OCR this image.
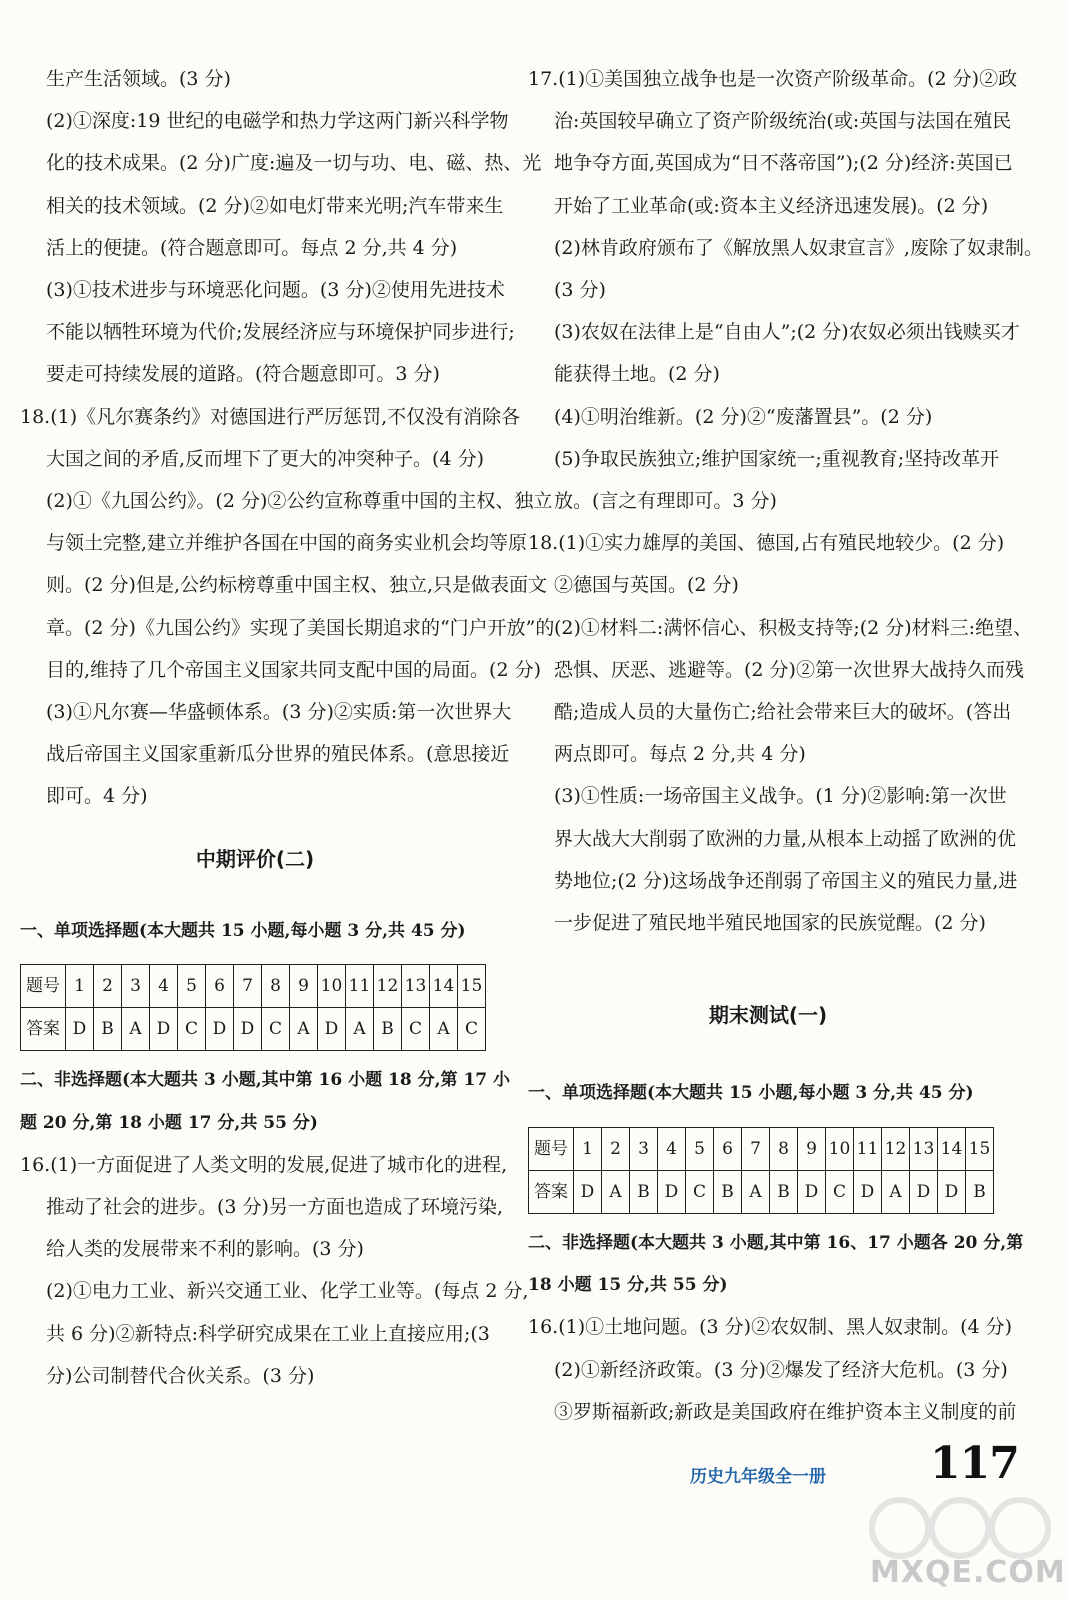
生产生活领域。(3 分)
(2)①深度:19 世纪的电磁学和热力学这两门新兴科学物
化的技术成果。(2 分)广度:遍及一切与功、电、磁、热、光
相关的技术领域。(2 分)②如电灯带来光明;汽车带来生
活上的便捷。(符合题意即可。每点 2 分,共 4 分)
(3)①技术进步与环境恶化问题。(3 分)②使用先进技术
不能以牺牲环境为代价;发展经济应与环境保护同步进行;
要走可持续发展的道路。(符合题意即可。3 分)
18.(1)《凡尔赛条约》对德国进行严厉惩罚,不仅没有消除各
大国之间的矛盾,反而埋下了更大的冲突种子。(4 分)
(2)①《九国公约》。(2 分)②公约宣称尊重中国的主权、独立
与领土完整,建立并维护各国在中国的商务实业机会均等原
则。(2 分)但是,公约标榜尊重中国主权、独立,只是做表面文
章。(2 分)《九国公约》实现了美国长期追求的“门户开放”的
目的,维持了几个帝国主义国家共同支配中国的局面。(2 分)
(3)①凡尔赛—华盛顿体系。(3 分)②实质:第一次世界大
战后帝国主义国家重新瓜分世界的殖民体系。(意思接近
即可。4 分)
中期评价(二)
一、单项选择题(本大题共 15 小题,每小题 3 分,共 45 分)
题号	1	2	3	4	5	6	7	8	9	10	11	12	13	14	15
答案	D	B	A	D	C	D	D	C	A	D	A	B	C	A	C
二、非选择题(本大题共 3 小题,其中第 16 小题 18 分,第 17 小
题 20 分,第 18 小题 17 分,共 55 分)
16.(1)一方面促进了人类文明的发展,促进了城市化的进程,
推动了社会的进步。(3 分)另一方面也造成了环境污染,
给人类的发展带来不利的影响。(3 分)
(2)①电力工业、新兴交通工业、化学工业等。(每点 2 分,
共 6 分)②新特点:科学研究成果在工业上直接应用;(3
分)公司制替代合伙关系。(3 分)
17.(1)①美国独立战争也是一次资产阶级革命。(2 分)②政
治:英国较早确立了资产阶级统治(或:英国与法国在殖民
地争夺方面,英国成为“日不落帝国”);(2 分)经济:英国已
开始了工业革命(或:资本主义经济迅速发展)。(2 分)
(2)林肯政府颁布了《解放黑人奴隶宣言》,废除了奴隶制。
(3 分)
(3)农奴在法律上是“自由人”;(2 分)农奴必须出钱赎买才
能获得土地。(2 分)
(4)①明治维新。(2 分)②“废藩置县”。(2 分)
(5)争取民族独立;维护国家统一;重视教育;坚持改革开
放。(言之有理即可。3 分)
18.(1)①实力雄厚的美国、德国,占有殖民地较少。(2 分)
②德国与英国。(2 分)
(2)①材料二:满怀信心、积极支持等;(2 分)材料三:绝望、
恐惧、厌恶、逃避等。(2 分)②第一次世界大战持久而残
酷;造成人员的大量伤亡;给社会带来巨大的破坏。(答出
两点即可。每点 2 分,共 4 分)
(3)①性质:一场帝国主义战争。(1 分)②影响:第一次世
界大战大大削弱了欧洲的力量,从根本上动摇了欧洲的优
势地位;(2 分)这场战争还削弱了帝国主义的殖民力量,进
一步促进了殖民地半殖民地国家的民族觉醒。(2 分)
期末测试(一)
一、单项选择题(本大题共 15 小题,每小题 3 分,共 45 分)
题号	1	2	3	4	5	6	7	8	9	10	11	12	13	14	15
答案	D	A	B	D	C	B	A	B	D	C	D	A	D	D	B
二、非选择题(本大题共 3 小题,其中第 16、17 小题各 20 分,第
18 小题 15 分,共 55 分)
16.(1)①土地问题。(3 分)②农奴制、黑人奴隶制。(4 分)
(2)①新经济政策。(3 分)②爆发了经济大危机。(3 分)
③罗斯福新政;新政是美国政府在维护资本主义制度的前
历史九年级全一册 117
MXQE.COM
